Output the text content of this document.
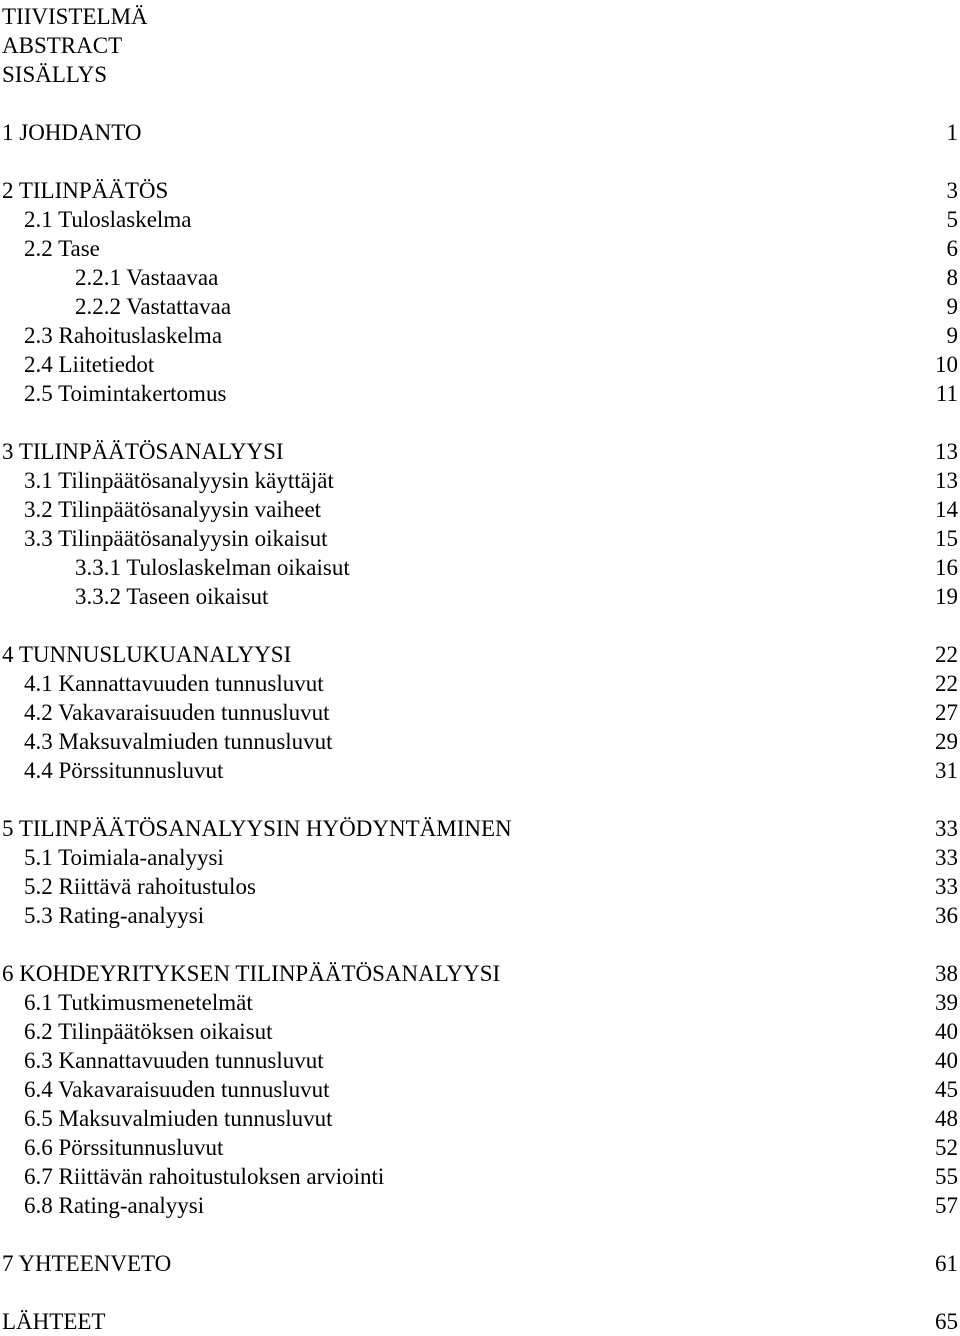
TIIVISTELMÄ
ABSTRACT
SISÄLLYS
1 JOHDANTO	1
2 TILINPÄÄTÖS	3
2.1 Tuloslaskelma	5
2.2 Tase	6
2.2.1 Vastaavaa	8
2.2.2 Vastattavaa	9
2.3 Rahoituslaskelma	9
2.4 Liitetiedot	10
2.5 Toimintakertomus	11
3 TILINPÄÄTÖSANALYYSI	13
3.1 Tilinpäätösanalyysin käyttäjät	13
3.2 Tilinpäätösanalyysin vaiheet	14
3.3 Tilinpäätösanalyysin oikaisut	15
3.3.1 Tuloslaskelman oikaisut	16
3.3.2 Taseen oikaisut	19
4 TUNNUSLUKUANALYYSI	22
4.1 Kannattavuuden tunnusluvut	22
4.2 Vakavaraisuuden tunnusluvut	27
4.3 Maksuvalmiuden tunnusluvut	29
4.4 Pörssitunnusluvut	31
5 TILINPÄÄTÖSANALYYSIN HYÖDYNTÄMINEN	33
5.1 Toimiala-analyysi	33
5.2 Riittävä rahoitustulos	33
5.3 Rating-analyysi	36
6 KOHDEYRITYKSEN TILINPÄÄTÖSANALYYSI	38
6.1 Tutkimusmenetelmät	39
6.2 Tilinpäätöksen oikaisut	40
6.3 Kannattavuuden tunnusluvut	40
6.4 Vakavaraisuuden tunnusluvut	45
6.5 Maksuvalmiuden tunnusluvut	48
6.6 Pörssitunnusluvut	52
6.7 Riittävän rahoitustuloksen arviointi	55
6.8 Rating-analyysi	57
7 YHTEENVETO	61
LÄHTEET	65
